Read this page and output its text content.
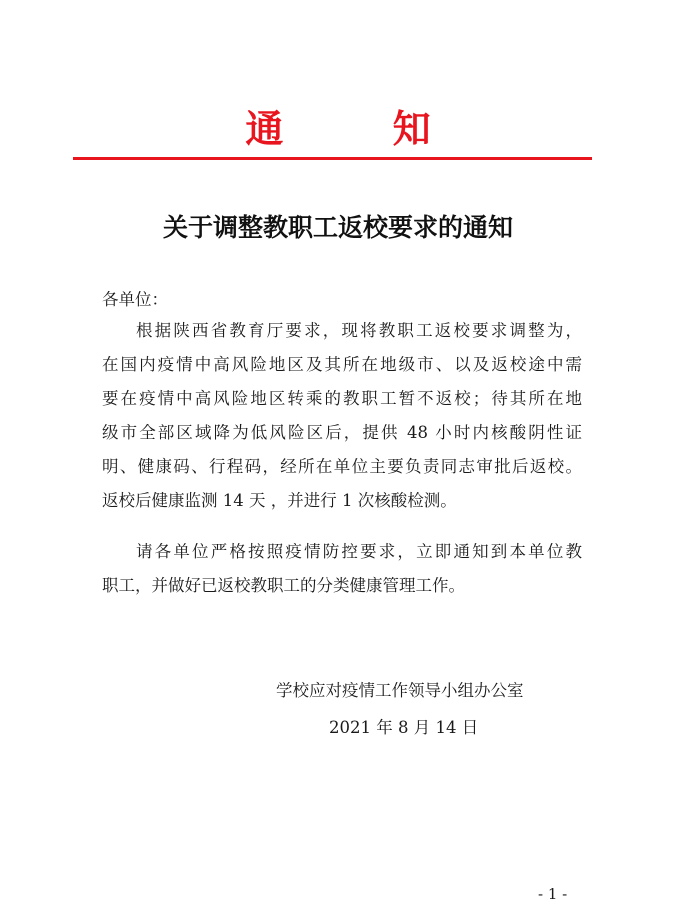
通 知
关于调整教职工返校要求的通知
各单位：
根据陕西省教育厅要求，现将教职工返校要求调整为，
在国内疫情中高风险地区及其所在地级市、以及返校途中需
要在疫情中高风险地区转乘的教职工暂不返校；待其所在地
级市全部区域降为低风险区后，提供 48 小时内核酸阴性证
明、健康码、行程码，经所在单位主要负责同志审批后返校。
返校后健康监测 14 天 ，并进行 1 次核酸检测。
请各单位严格按照疫情防控要求，立即通知到本单位教
职工，并做好已返校教职工的分类健康管理工作。
学校应对疫情工作领导小组办公室
2021 年 8 月 14 日
- 1 -
